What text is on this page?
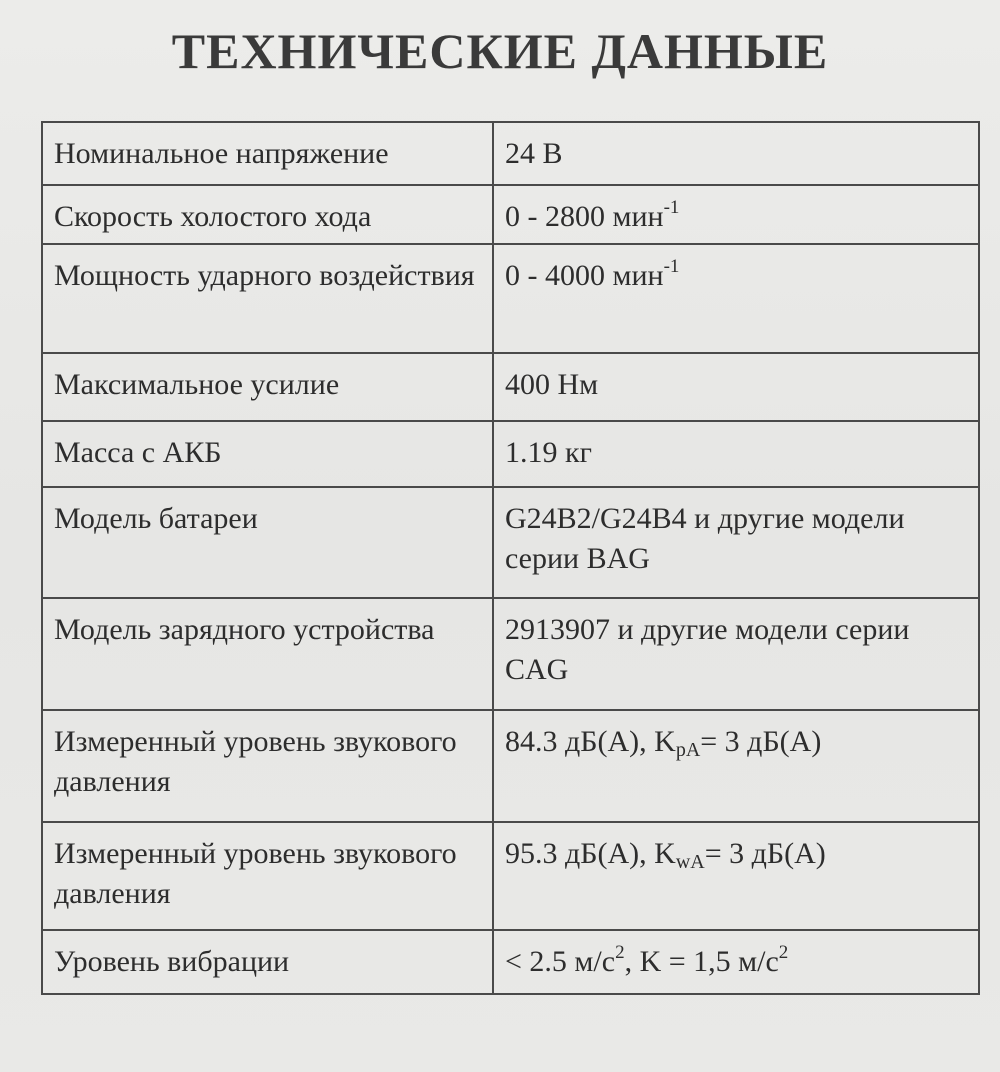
ТЕХНИЧЕСКИЕ ДАННЫЕ
Номинальное напряжение	24 В
Скорость холостого хода	0 - 2800 мин$^{-1}$
Мощность ударного воздействия	0 - 4000 мин$^{-1}$
Максимальное усилие	400 Нм
Масса с АКБ	1.19 кг
Модель батареи	G24B2/G24B4 и другие модели серии BAG
Модель зарядного устройства	2913907 и другие модели серии CAG
Измеренный уровень звукового давления	84.3 дБ(А), $K_{pA}= 3$ дБ(А)
Измеренный уровень звукового давления	95.3 дБ(А), $K_{wA}= 3$ дБ(А)
Уровень вибрации	< 2.5 $м/с^2$, K = 1,5 $м/с^2$
